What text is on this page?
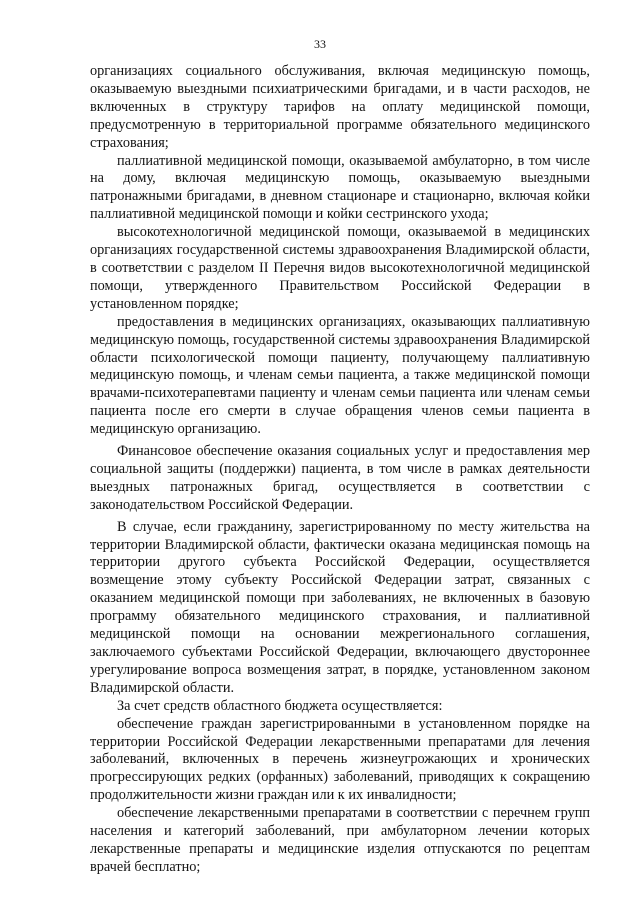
33

организациях социального обслуживания, включая медицинскую помощь, оказываемую выездными психиатрическими бригадами, и в части расходов, не включенных в структуру тарифов на оплату медицинской помощи, предусмотренную в территориальной программе обязательного медицинского страхования;

паллиативной медицинской помощи, оказываемой амбулаторно, в том числе на дому, включая медицинскую помощь, оказываемую выездными патронажными бригадами, в дневном стационаре и стационарно, включая койки паллиативной медицинской помощи и койки сестринского ухода;

высокотехнологичной медицинской помощи, оказываемой в медицинских организациях государственной системы здравоохранения Владимирской области, в соответствии с разделом II Перечня видов высокотехнологичной медицинской помощи, утвержденного Правительством Российской Федерации в установленном порядке;

предоставления в медицинских организациях, оказывающих паллиативную медицинскую помощь, государственной системы здравоохранения Владимирской области психологической помощи пациенту, получающему паллиативную медицинскую помощь, и членам семьи пациента, а также медицинской помощи врачами-психотерапевтами пациенту и членам семьи пациента или членам семьи пациента после его смерти в случае обращения членов семьи пациента в медицинскую организацию.

Финансовое обеспечение оказания социальных услуг и предоставления мер социальной защиты (поддержки) пациента, в том числе в рамках деятельности выездных патронажных бригад, осуществляется в соответствии с законодательством Российской Федерации.

В случае, если гражданину, зарегистрированному по месту жительства на территории Владимирской области, фактически оказана медицинская помощь на территории другого субъекта Российской Федерации, осуществляется возмещение этому субъекту Российской Федерации затрат, связанных с оказанием медицинской помощи при заболеваниях, не включенных в базовую программу обязательного медицинского страхования, и паллиативной медицинской помощи на основании межрегионального соглашения, заключаемого субъектами Российской Федерации, включающего двустороннее урегулирование вопроса возмещения затрат, в порядке, установленном законом Владимирской области.

За счет средств областного бюджета осуществляется:

обеспечение граждан зарегистрированными в установленном порядке на территории Российской Федерации лекарственными препаратами для лечения заболеваний, включенных в перечень жизнеугрожающих и хронических прогрессирующих редких (орфанных) заболеваний, приводящих к сокращению продолжительности жизни граждан или к их инвалидности;

обеспечение лекарственными препаратами в соответствии с перечнем групп населения и категорий заболеваний, при амбулаторном лечении которых лекарственные препараты и медицинские изделия отпускаются по рецептам врачей бесплатно;
